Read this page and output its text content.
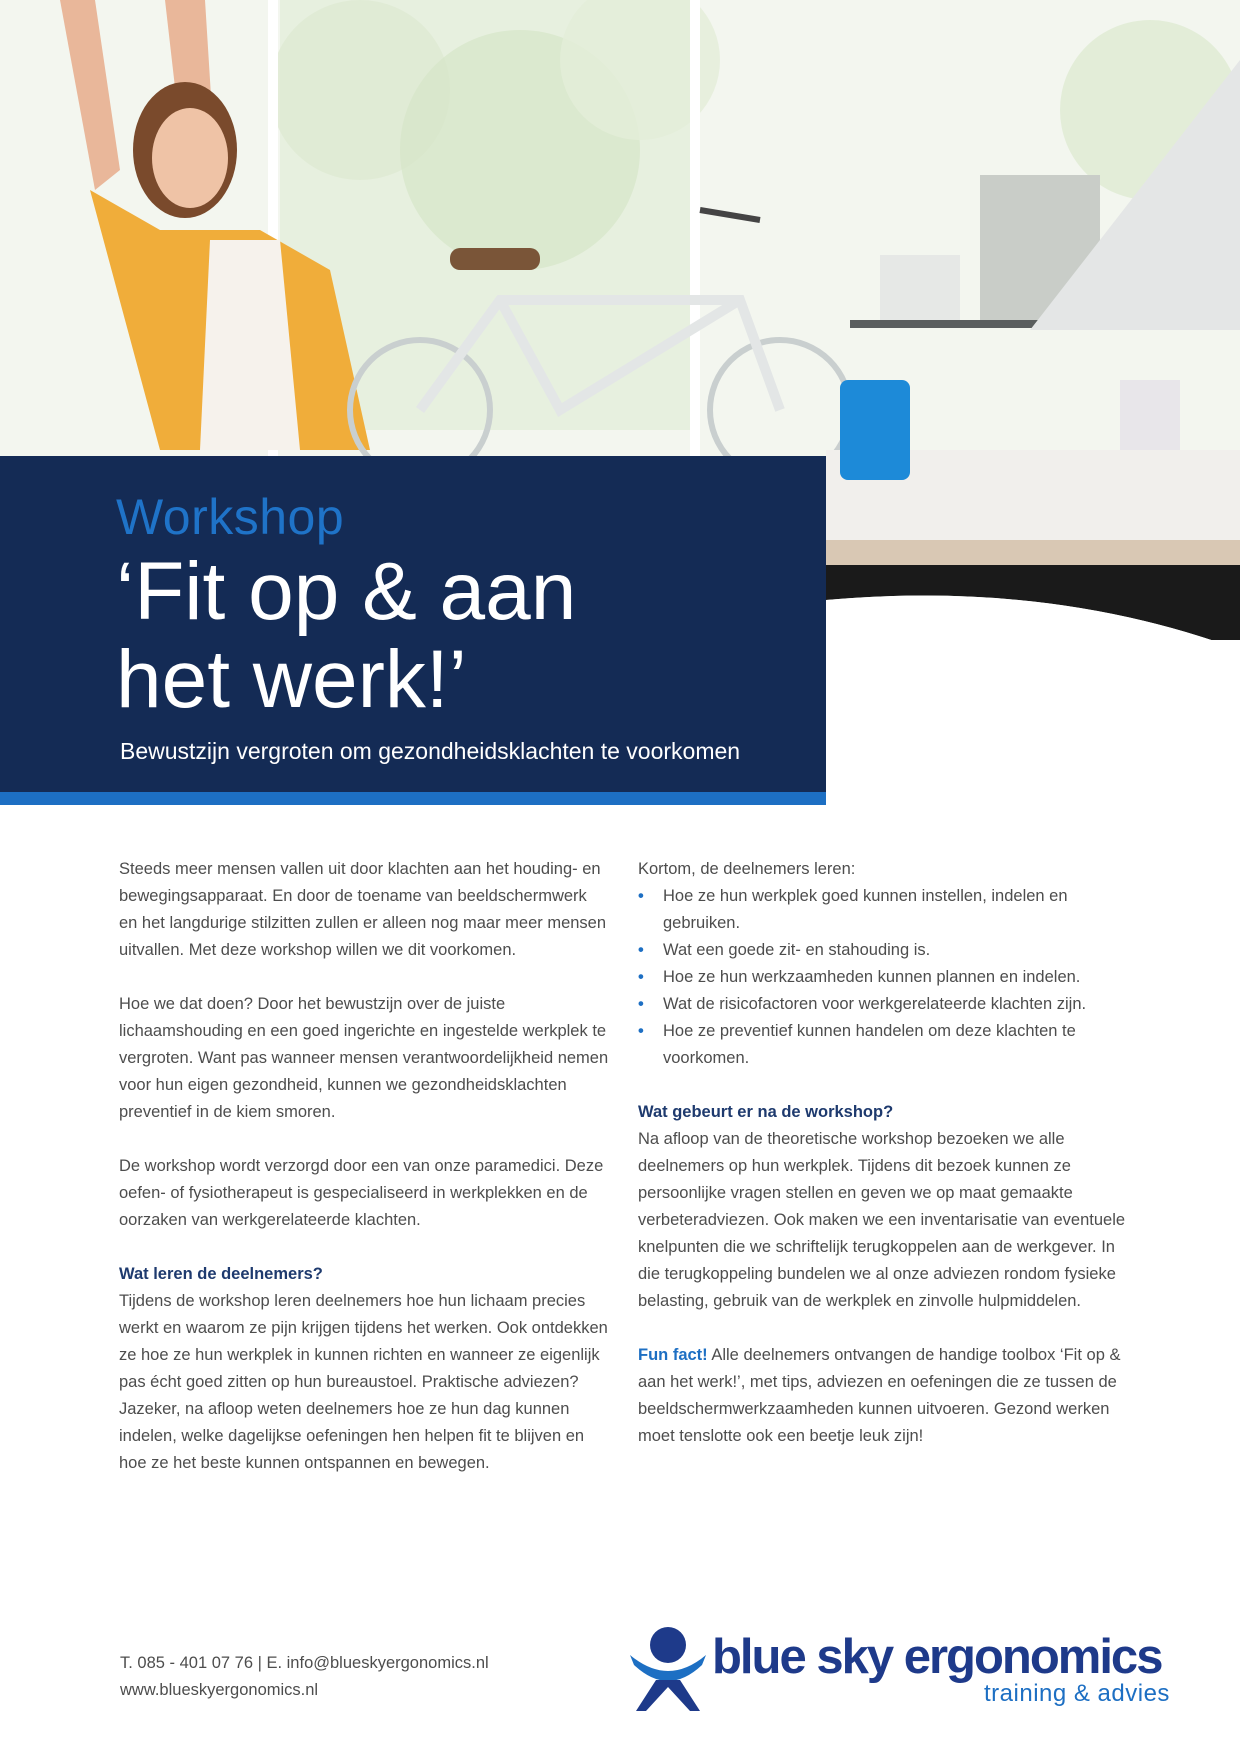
Workshop
‘Fit op & aan
het werk!’
Bewustzijn vergroten om gezondheidsklachten te voorkomen

Steeds meer mensen vallen uit door klachten aan het houding- en bewegingsapparaat. En door de toename van beeldschermwerk en het langdurige stilzitten zullen er alleen nog maar meer mensen uitvallen. Met deze workshop willen we dit voorkomen.

Hoe we dat doen? Door het bewustzijn over de juiste lichaamshouding en een goed ingerichte en ingestelde werkplek te vergroten. Want pas wanneer mensen verantwoordelijkheid nemen voor hun eigen gezondheid, kunnen we gezondheidsklachten preventief in de kiem smoren.

De workshop wordt verzorgd door een van onze paramedici. Deze oefen- of fysiotherapeut is gespecialiseerd in werkplekken en de oorzaken van werkgerelateerde klachten.

Wat leren de deelnemers?

Tijdens de workshop leren deelnemers hoe hun lichaam precies werkt en waarom ze pijn krijgen tijdens het werken. Ook ontdekken ze hoe ze hun werkplek in kunnen richten en wanneer ze eigenlijk pas écht goed zitten op hun bureaustoel. Praktische adviezen? Jazeker, na afloop weten deelnemers hoe ze hun dag kunnen indelen, welke dagelijkse oefeningen hen helpen fit te blijven en hoe ze het beste kunnen ontspannen en bewegen.

Kortom, de deelnemers leren:
• Hoe ze hun werkplek goed kunnen instellen, indelen en gebruiken.
• Wat een goede zit- en stahouding is.
• Hoe ze hun werkzaamheden kunnen plannen en indelen.
• Wat de risicofactoren voor werkgerelateerde klachten zijn.
• Hoe ze preventief kunnen handelen om deze klachten te voorkomen.
Wat gebeurt er na de workshop?

Na afloop van de theoretische workshop bezoeken we alle deelnemers op hun werkplek. Tijdens dit bezoek kunnen ze persoonlijke vragen stellen en geven we op maat gemaakte verbeteradviezen. Ook maken we een inventarisatie van eventuele knelpunten die we schriftelijk terugkoppelen aan de werkgever. In die terugkoppeling bundelen we al onze adviezen rondom fysieke belasting, gebruik van de werkplek en zinvolle hulpmiddelen.

Fun fact! Alle deelnemers ontvangen de handige toolbox ‘Fit op & aan het werk!’, met tips, adviezen en oefeningen die ze tussen de beeldschermwerkzaamheden kunnen uitvoeren. Gezond werken moet tenslotte ook een beetje leuk zijn!

T. 085 - 401 07 76 | E. info@blueskyergonomics.nl
www.blueskyergonomics.nl
blue sky ergonomics
training & advies
